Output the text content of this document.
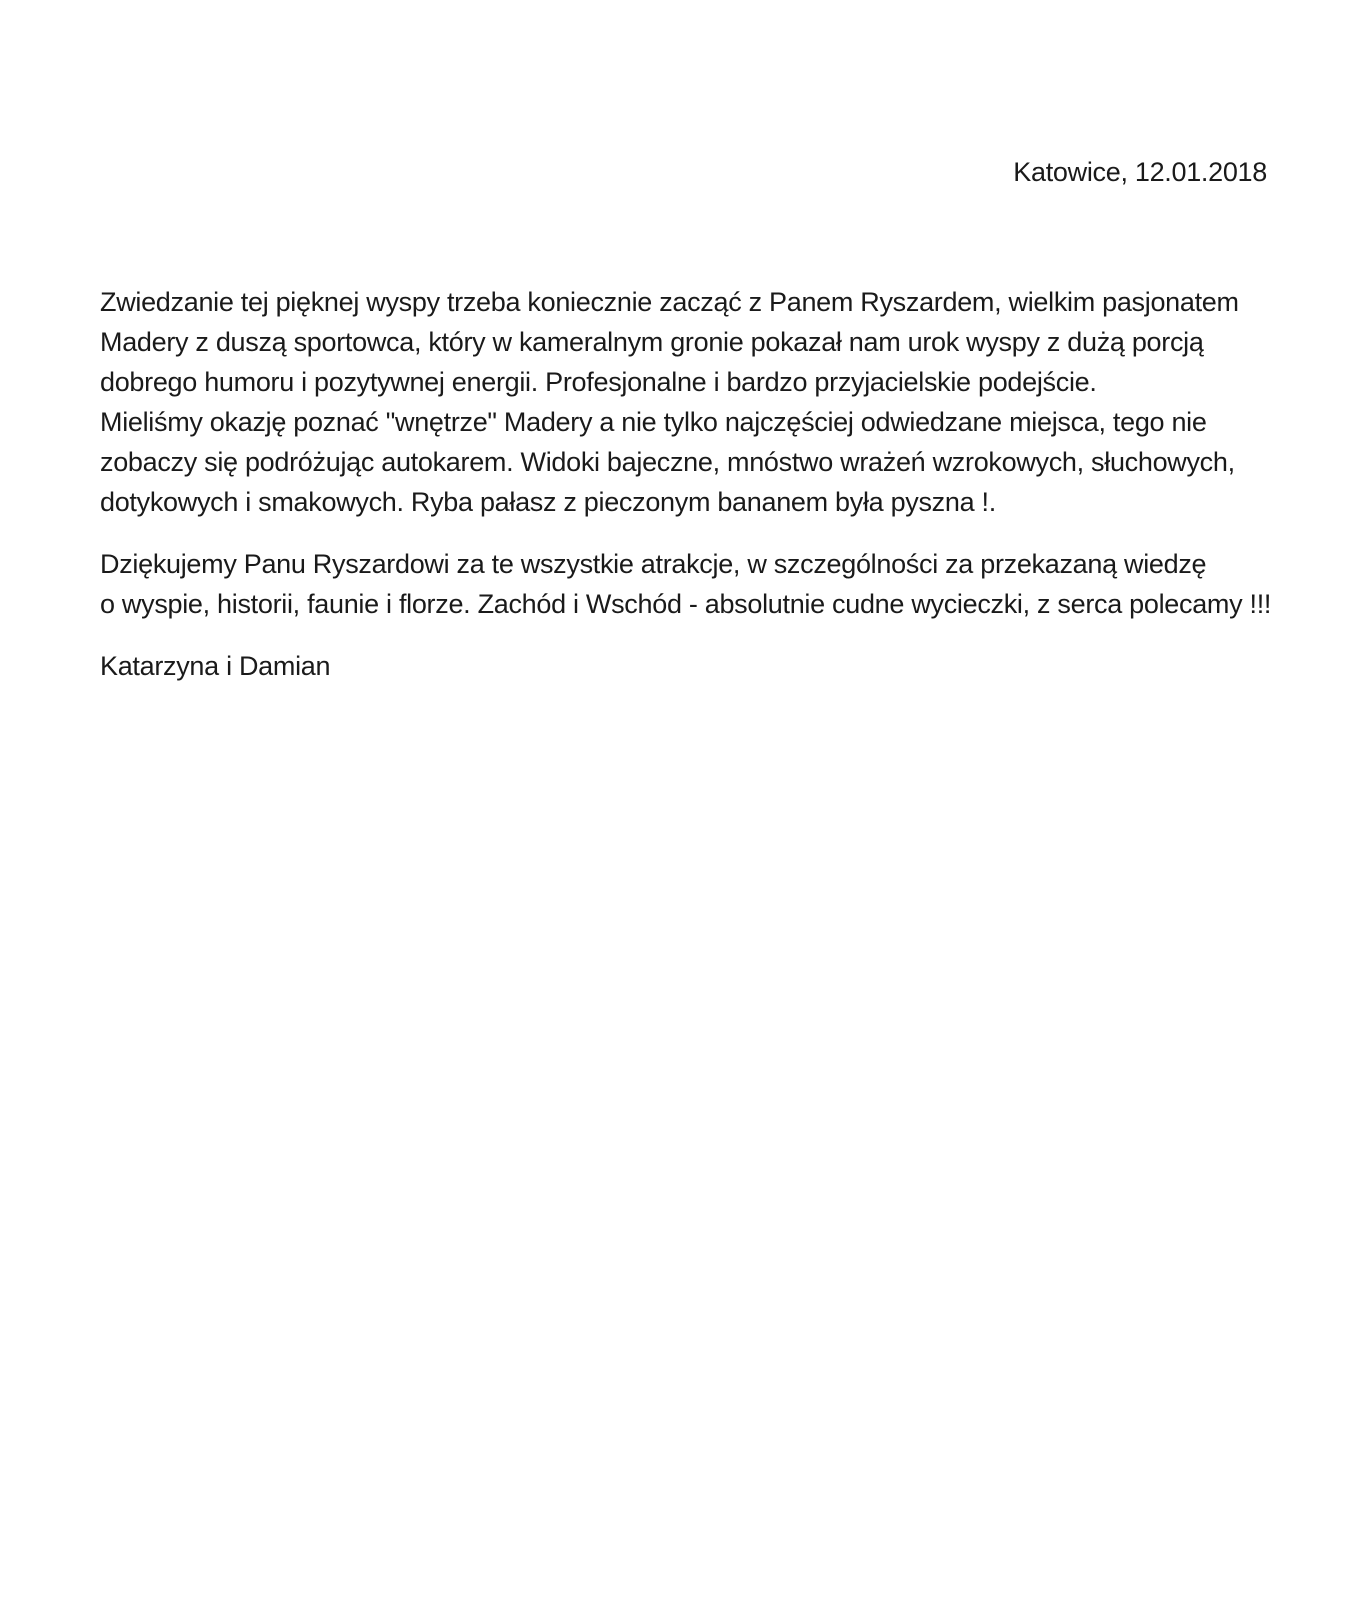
Katowice, 12.01.2018
Zwiedzanie tej pięknej wyspy trzeba koniecznie zacząć z Panem Ryszardem, wielkim pasjonatem
Madery z duszą sportowca, który w kameralnym gronie pokazał nam urok wyspy z dużą porcją
dobrego humoru i pozytywnej energii. Profesjonalne i bardzo przyjacielskie podejście.
Mieliśmy okazję poznać "wnętrze" Madery a nie tylko najczęściej odwiedzane miejsca, tego nie
zobaczy się podróżując autokarem. Widoki bajeczne, mnóstwo wrażeń wzrokowych, słuchowych,
dotykowych i smakowych. Ryba pałasz z pieczonym bananem była pyszna !.
Dziękujemy Panu Ryszardowi za te wszystkie atrakcje, w szczególności za przekazaną wiedzę
o wyspie, historii, faunie i florze. Zachód i Wschód - absolutnie cudne wycieczki, z serca polecamy !!!
Katarzyna i Damian
